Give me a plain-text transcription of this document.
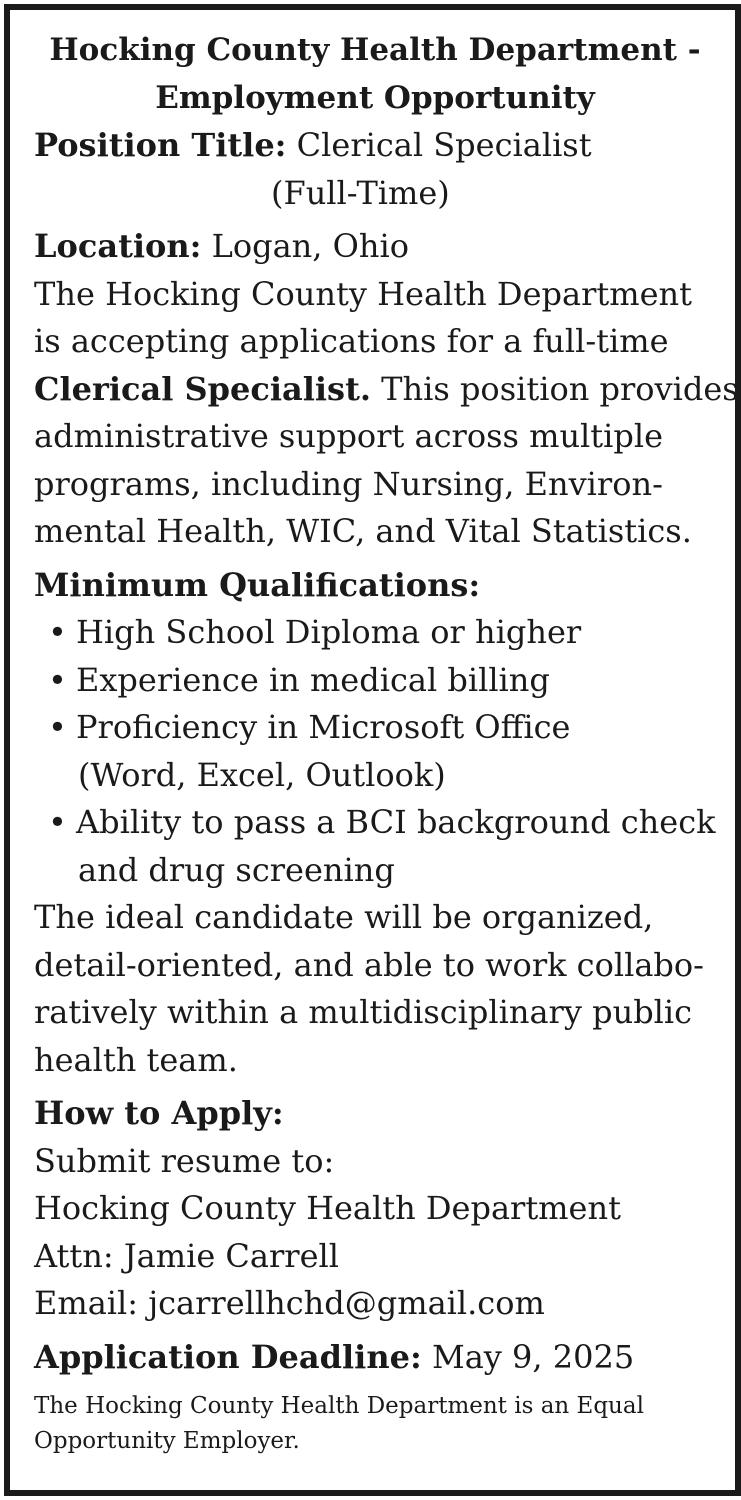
Hocking County Health Department -

Employment Opportunity

Position Title: Clerical Specialist

(Full-Time)

Location: Logan, Ohio

The Hocking County Health Department

is accepting applications for a full-time

Clerical Specialist. This position provides

administrative support across multiple

programs, including Nursing, Environ-

mental Health, WIC, and Vital Statistics.

Minimum Qualifications:

• High School Diploma or higher

• Experience in medical billing

• Proficiency in Microsoft Office

(Word, Excel, Outlook)

• Ability to pass a BCI background check

and drug screening

The ideal candidate will be organized,

detail-oriented, and able to work collabo-

ratively within a multidisciplinary public

health team.

How to Apply:

Submit resume to:

Hocking County Health Department

Attn: Jamie Carrell

Email: jcarrellhchd@gmail.com

Application Deadline: May 9, 2025

The Hocking County Health Department is an Equal

Opportunity Employer.
